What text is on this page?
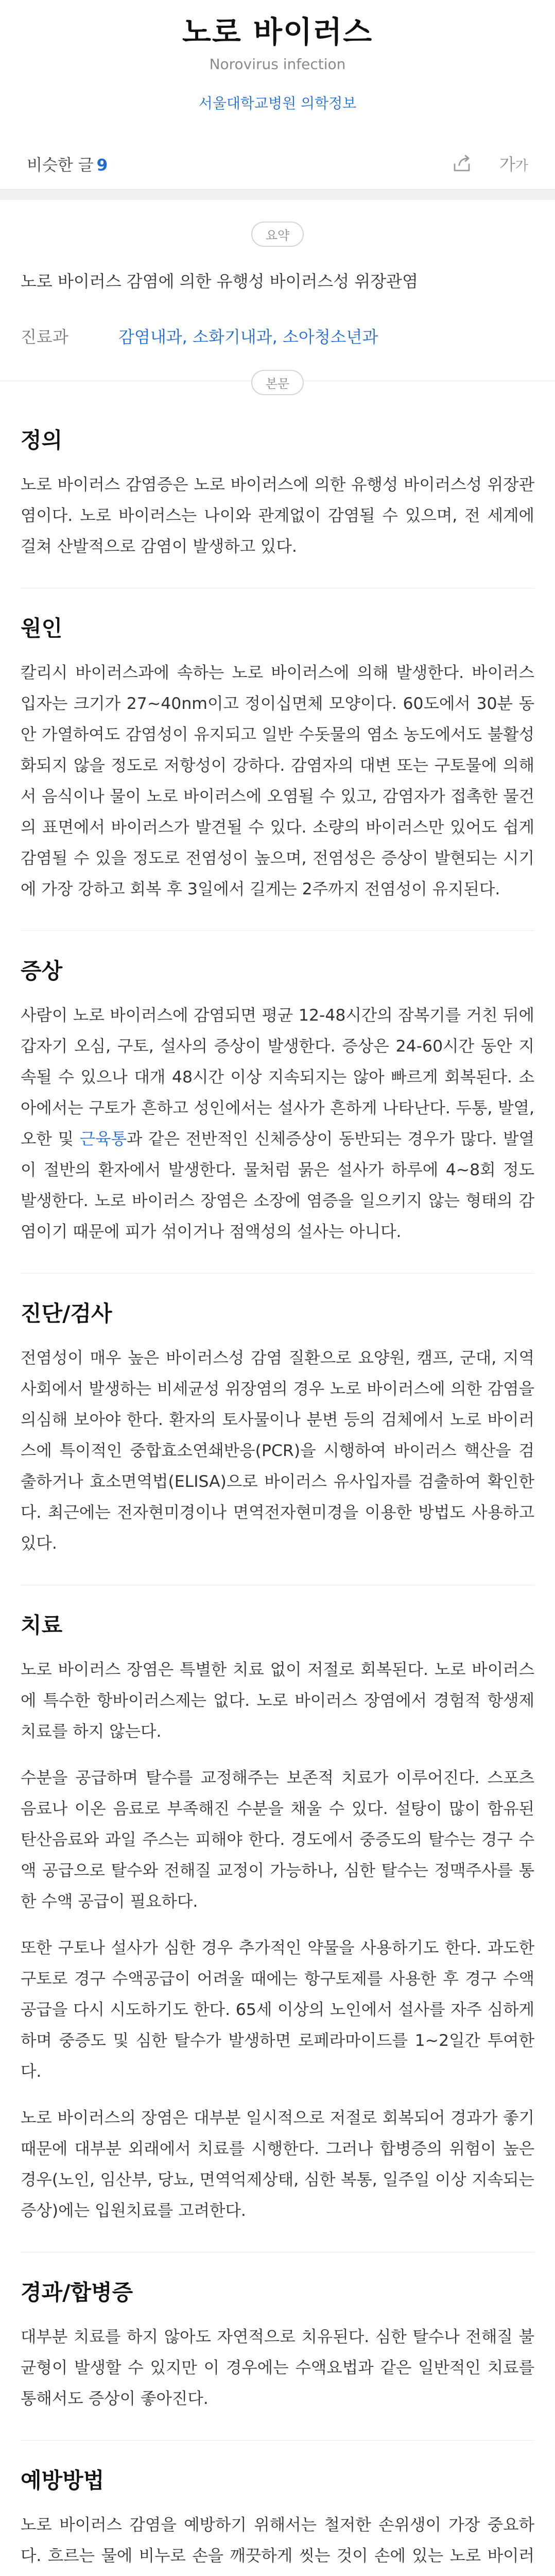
노로 바이러스
Norovirus infection
서울대학교병원 의학정보
비슷한 글 9	가 가
요약
노로 바이러스 감염에 의한 유행성 바이러스성 위장관염
진료과	감염내과, 소화기내과, 소아청소년과
본문
정의

노로 바이러스 감염증은 노로 바이러스에 의한 유행성 바이러스성 위장관염이다. 노로 바이러스는 나이와 관계없이 감염될 수 있으며, 전 세계에 걸쳐 산발적으로 감염이 발생하고 있다.

원인

칼리시 바이러스과에 속하는 노로 바이러스에 의해 발생한다. 바이러스 입자는 크기가 27~40nm이고 정이십면체 모양이다. 60도에서 30분 동안 가열하여도 감염성이 유지되고 일반 수돗물의 염소 농도에서도 불활성화되지 않을 정도로 저항성이 강하다. 감염자의 대변 또는 구토물에 의해서 음식이나 물이 노로 바이러스에 오염될 수 있고, 감염자가 접촉한 물건의 표면에서 바이러스가 발견될 수 있다. 소량의 바이러스만 있어도 쉽게 감염될 수 있을 정도로 전염성이 높으며, 전염성은 증상이 발현되는 시기에 가장 강하고 회복 후 3일에서 길게는 2주까지 전염성이 유지된다.

증상

사람이 노로 바이러스에 감염되면 평균 12-48시간의 잠복기를 거친 뒤에 갑자기 오심, 구토, 설사의 증상이 발생한다. 증상은 24-60시간 동안 지속될 수 있으나 대개 48시간 이상 지속되지는 않아 빠르게 회복된다. 소아에서는 구토가 흔하고 성인에서는 설사가 흔하게 나타난다. 두통, 발열, 오한 및 근육통과 같은 전반적인 신체증상이 동반되는 경우가 많다. 발열이 절반의 환자에서 발생한다. 물처럼 묽은 설사가 하루에 4~8회 정도 발생한다. 노로 바이러스 장염은 소장에 염증을 일으키지 않는 형태의 감염이기 때문에 피가 섞이거나 점액성의 설사는 아니다.

진단/검사

전염성이 매우 높은 바이러스성 감염 질환으로 요양원, 캠프, 군대, 지역 사회에서 발생하는 비세균성 위장염의 경우 노로 바이러스에 의한 감염을 의심해 보아야 한다. 환자의 토사물이나 분변 등의 검체에서 노로 바이러스에 특이적인 중합효소연쇄반응(PCR)을 시행하여 바이러스 핵산을 검출하거나 효소면역법(ELISA)으로 바이러스 유사입자를 검출하여 확인한다. 최근에는 전자현미경이나 면역전자현미경을 이용한 방법도 사용하고 있다.

치료

노로 바이러스 장염은 특별한 치료 없이 저절로 회복된다. 노로 바이러스에 특수한 항바이러스제는 없다. 노로 바이러스 장염에서 경험적 항생제 치료를 하지 않는다.

수분을 공급하며 탈수를 교정해주는 보존적 치료가 이루어진다. 스포츠 음료나 이온 음료로 부족해진 수분을 채울 수 있다. 설탕이 많이 함유된 탄산음료와 과일 주스는 피해야 한다. 경도에서 중증도의 탈수는 경구 수액 공급으로 탈수와 전해질 교정이 가능하나, 심한 탈수는 정맥주사를 통한 수액 공급이 필요하다.

또한 구토나 설사가 심한 경우 추가적인 약물을 사용하기도 한다. 과도한 구토로 경구 수액공급이 어려울 때에는 항구토제를 사용한 후 경구 수액공급을 다시 시도하기도 한다. 65세 이상의 노인에서 설사를 자주 심하게 하며 중증도 및 심한 탈수가 발생하면 로페라마이드를 1~2일간 투여한다.

노로 바이러스의 장염은 대부분 일시적으로 저절로 회복되어 경과가 좋기 때문에 대부분 외래에서 치료를 시행한다. 그러나 합병증의 위험이 높은 경우(노인, 임산부, 당뇨, 면역억제상태, 심한 복통, 일주일 이상 지속되는 증상)에는 입원치료를 고려한다.

경과/합병증

대부분 치료를 하지 않아도 자연적으로 치유된다. 심한 탈수나 전해질 불균형이 발생할 수 있지만 이 경우에는 수액요법과 같은 일반적인 치료를 통해서도 증상이 좋아진다.

예방방법

노로 바이러스 감염을 예방하기 위해서는 철저한 손위생이 가장 중요하다. 흐르는 물에 비누로 손을 깨끗하게 씻는 것이 손에 있는 노로 바이러
